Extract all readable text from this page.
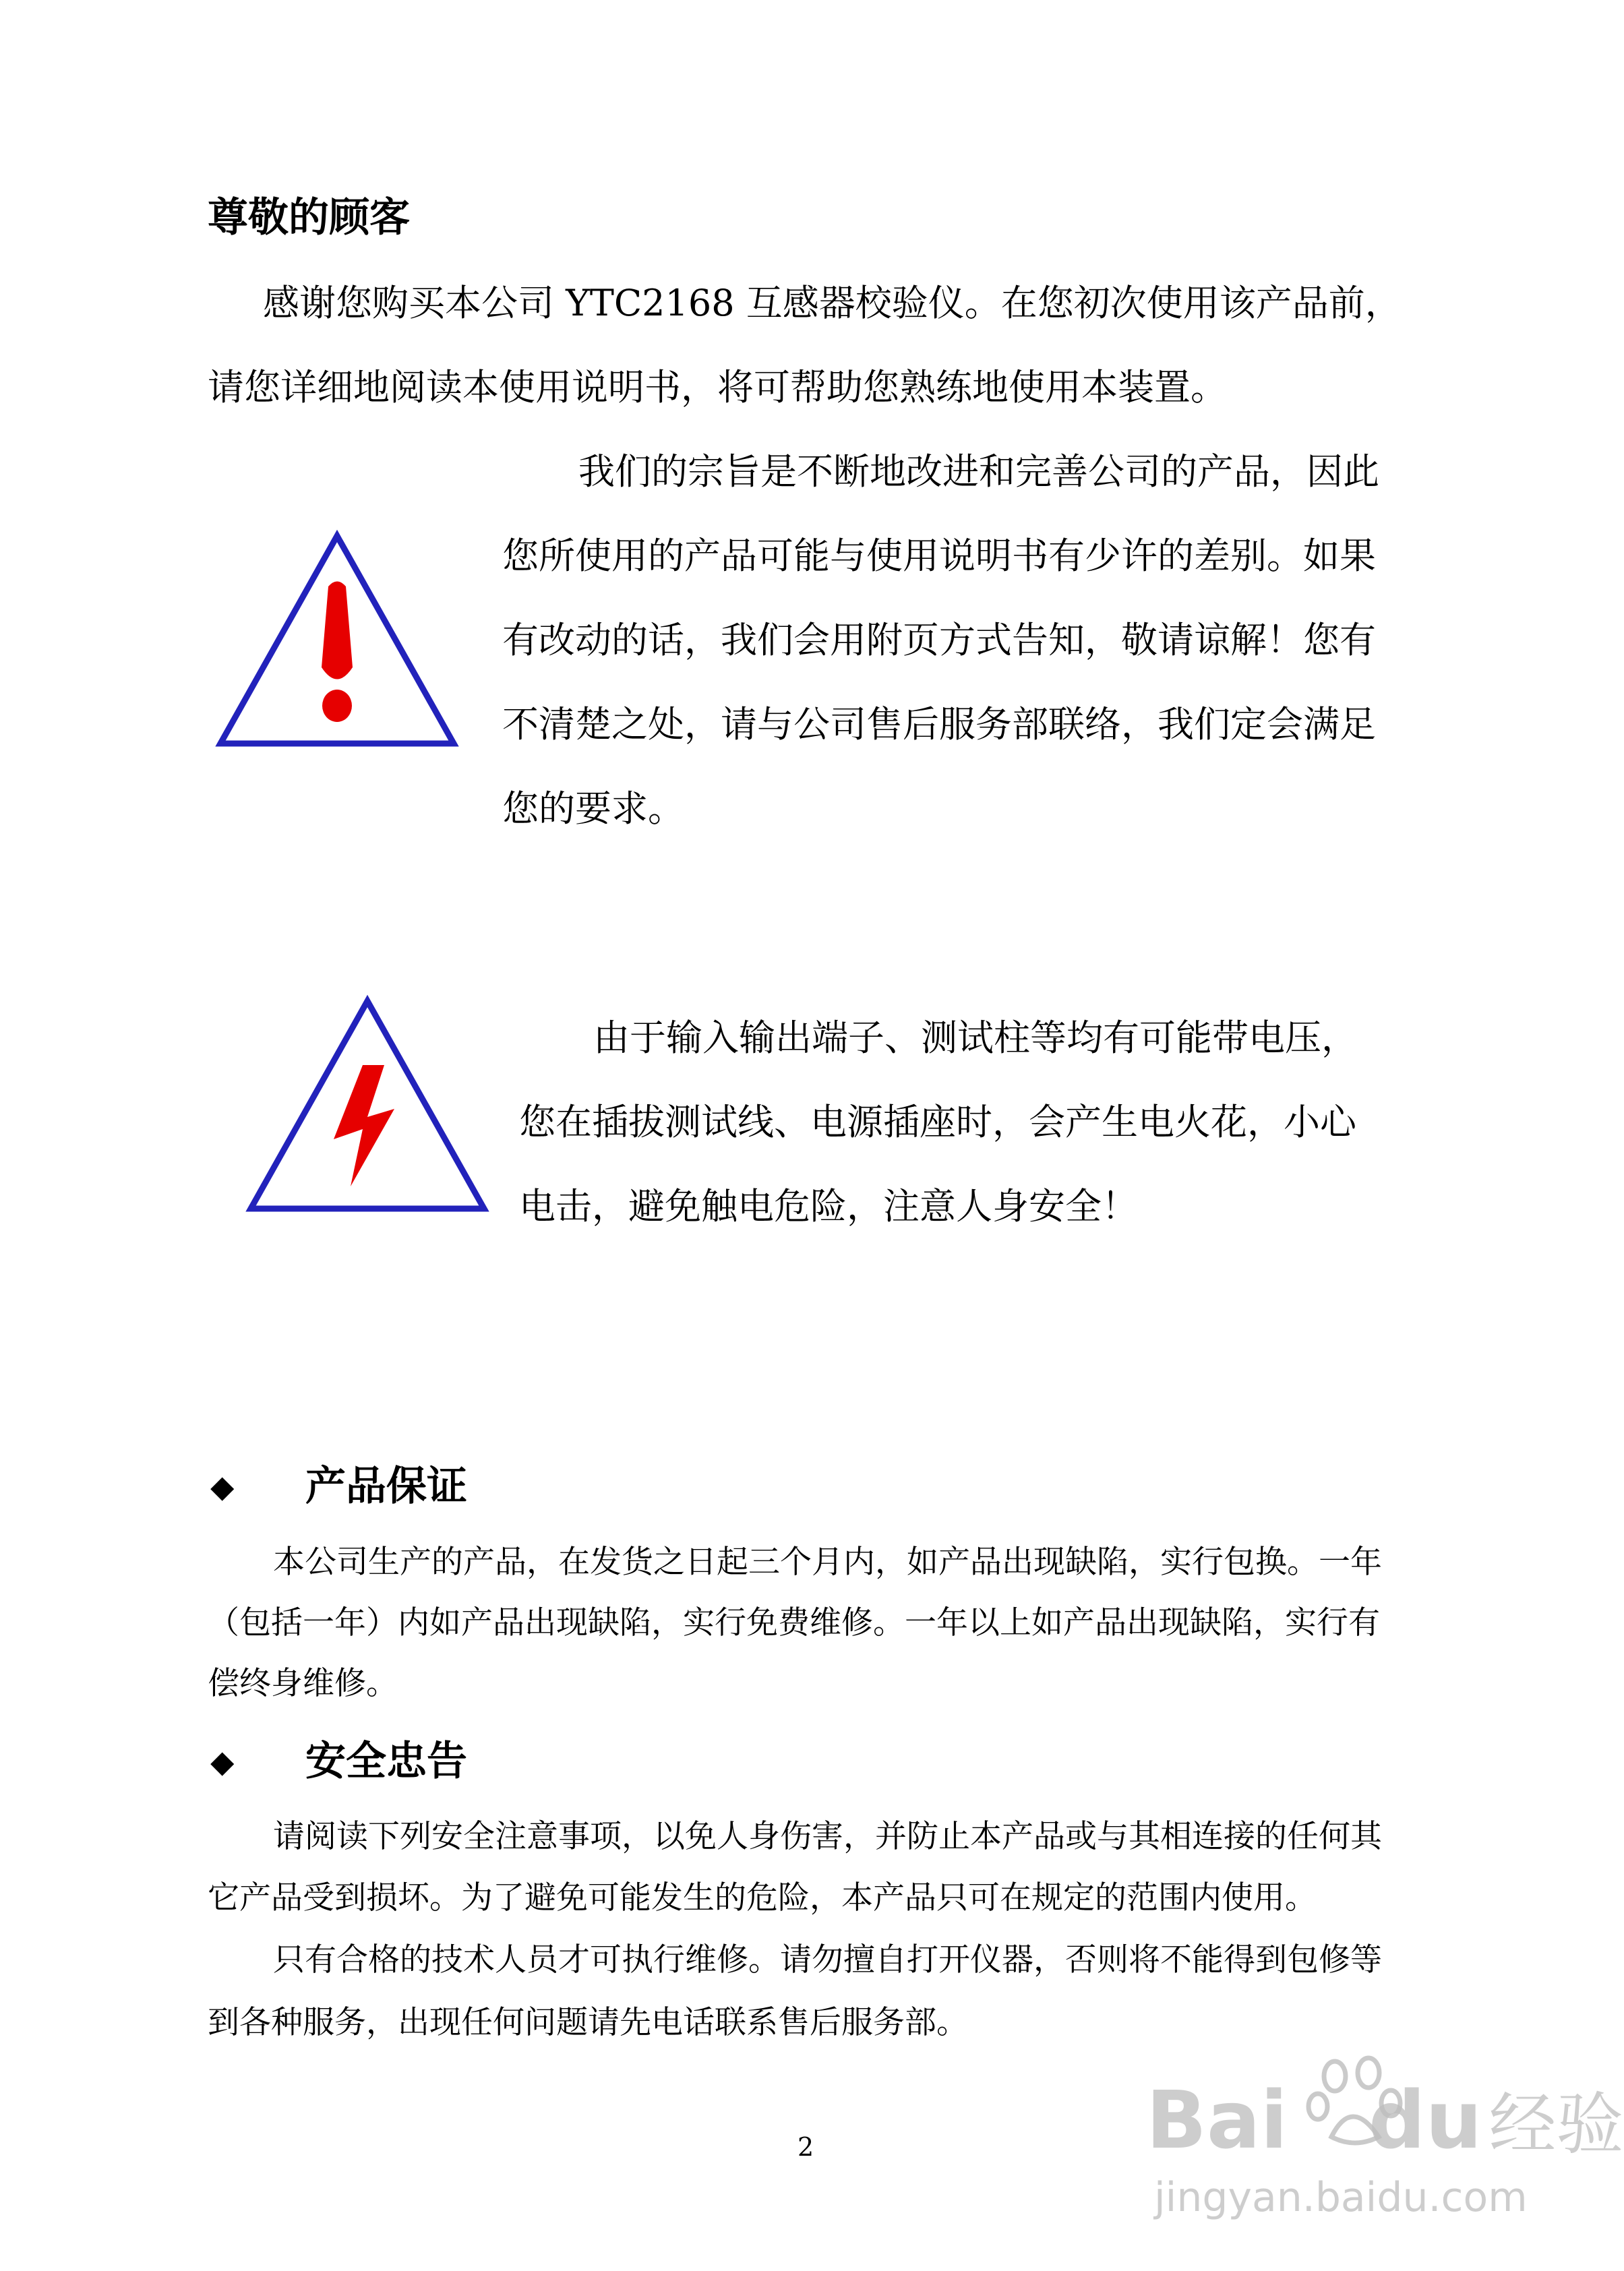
尊敬的顾客
感谢您购买本公司 YTC2168 互感器校验仪。在您初次使用该产品前，
请您详细地阅读本使用说明书，将可帮助您熟练地使用本装置。
我们的宗旨是不断地改进和完善公司的产品，因此
您所使用的产品可能与使用说明书有少许的差别。如果
有改动的话，我们会用附页方式告知，敬请谅解！您有
不清楚之处，请与公司售后服务部联络，我们定会满足
您的要求。
由于输入输出端子、测试柱等均有可能带电压，
您在插拔测试线、电源插座时，会产生电火花，小心
电击，避免触电危险，注意人身安全！
◆ 产品保证
本公司生产的产品，在发货之日起三个月内，如产品出现缺陷，实行包换。一年
（包括一年）内如产品出现缺陷，实行免费维修。一年以上如产品出现缺陷，实行有
偿终身维修。
◆ 安全忠告
请阅读下列安全注意事项，以免人身伤害，并防止本产品或与其相连接的任何其
它产品受到损坏。为了避免可能发生的危险，本产品只可在规定的范围内使用。
只有合格的技术人员才可执行维修。请勿擅自打开仪器，否则将不能得到包修等
到各种服务，出现任何问题请先电话联系售后服务部。
2	Bai du 经验
jingyan.baidu.com
